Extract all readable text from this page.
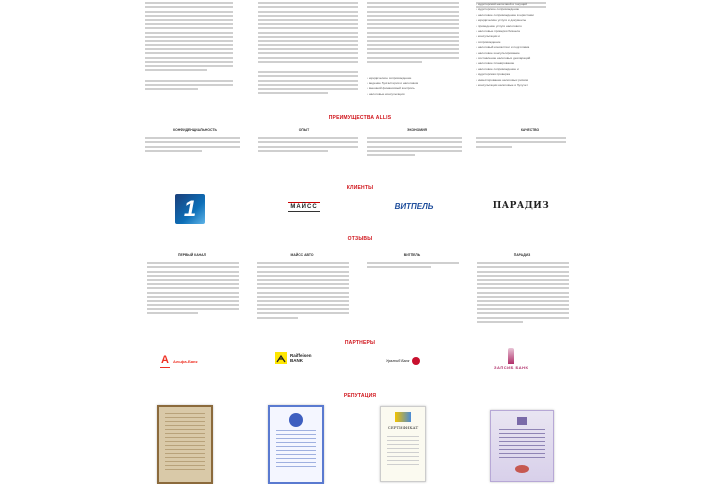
• юридическое сопровождение
• ведение бухгалтерии и налоговом
• внешний финансовый контроль
• налоговые консультации
• аудиторский налоговой и текущий
• аудиторское сопровождение
• налоговое сопровождение в юристами
• юридические услуги и документы
• проведение услуги налогового
• налоговые проверки бизнеса
• консультации и
• сопровождение
• налоговый консалтинг и подготовка
• налоговое консультирование
• составление налоговых деклараций
• налоговое планирование
• налоговое сопровождение и
• аудиторская проверка
• инвестирование налоговых рисков
• консультации налоговые и бухучет
ПРЕИМУЩЕСТВА ALLIS
КОНФИДЕНЦИАЛЬНОСТЬ	ОПЫТ	ЭКОНОМИЯ	КАЧЕСТВО
КЛИЕНТЫ
1	МАЙСС	ВИТПЕЛЬ	ПАРАДИЗ
ОТЗЫВЫ
ПЕРВЫЙ КАНАЛ	МАЙСС АВТО	ВИТПЕЛЬ	ПАРАДИЗ
ПАРТНЕРЫ
А Альфа-Банк
Raiffeisen BANK	Уралсиб Банк
ЗАПСИБ БАНК
РЕПУТАЦИЯ
СЕРТИФИКАТ
